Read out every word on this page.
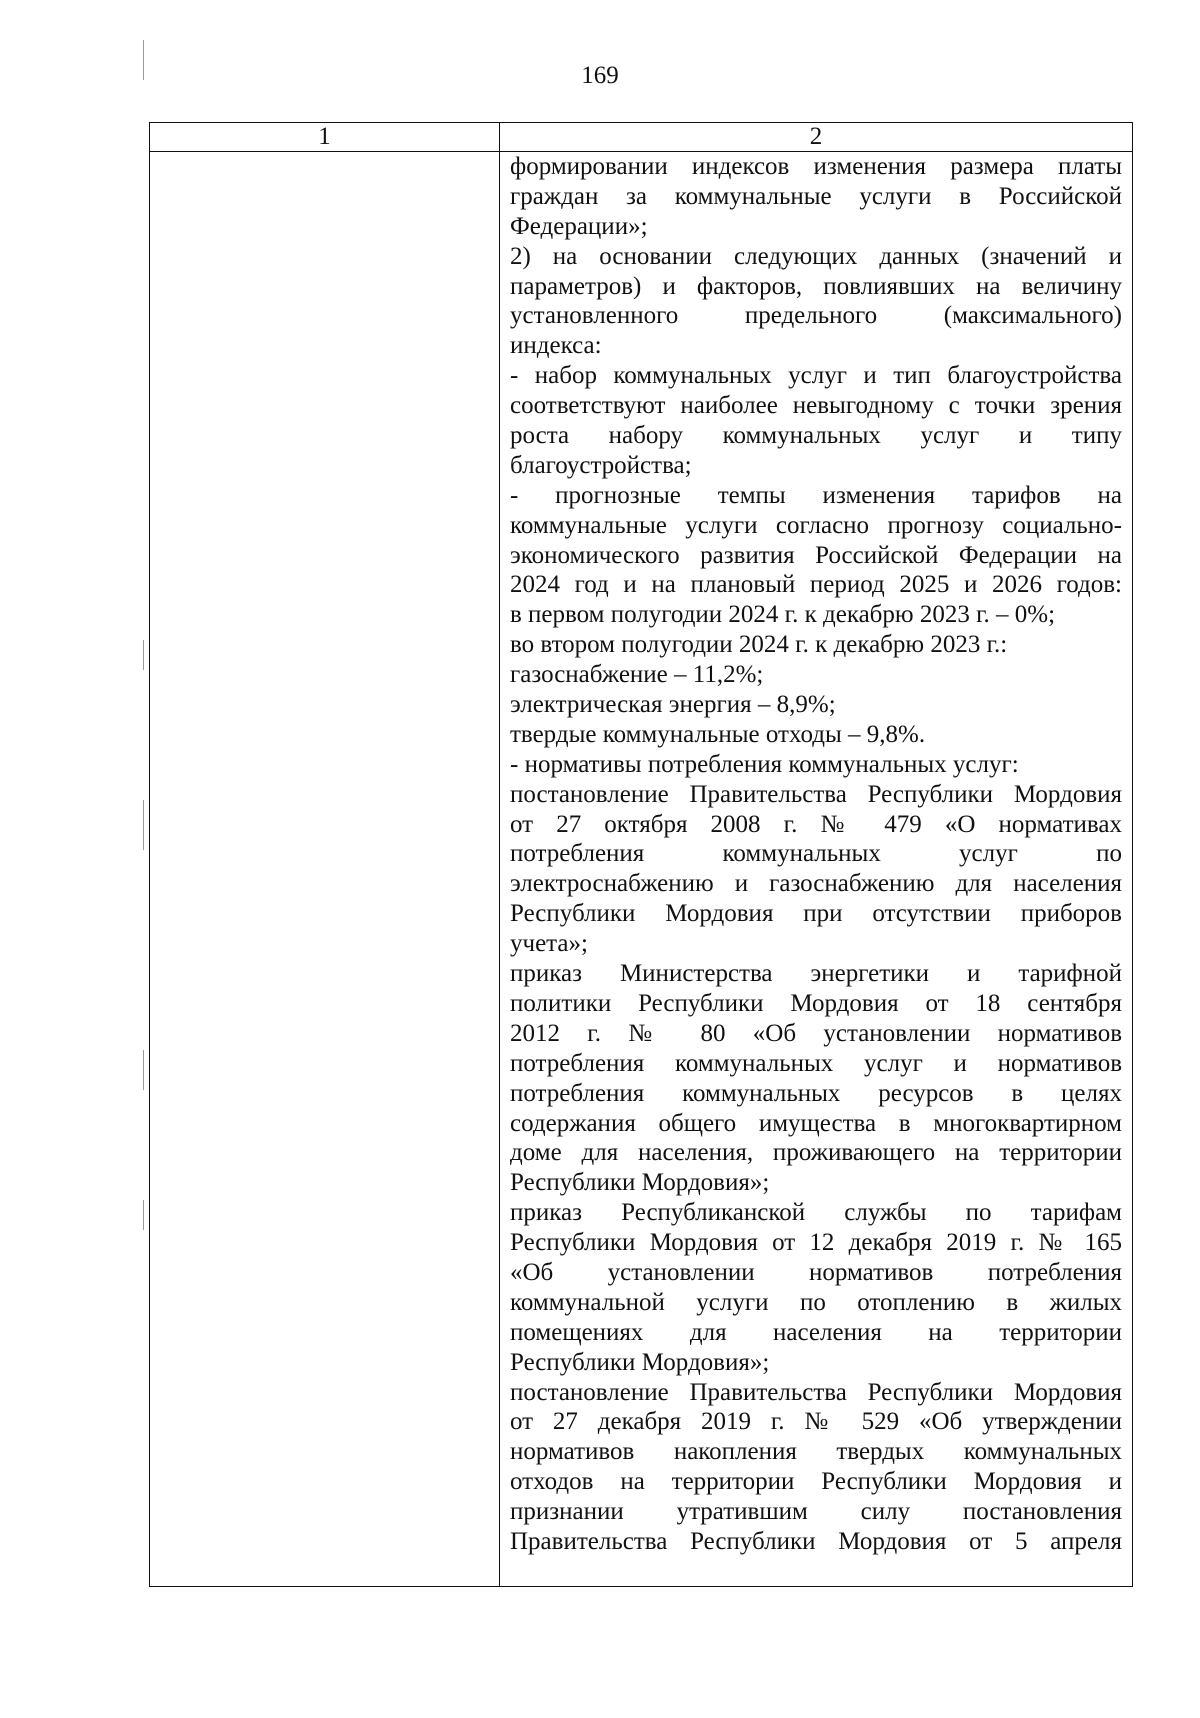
169
1	2
формировании индексов изменения размера платы
граждан за коммунальные услуги в Российской
Федерации»;
2) на основании следующих данных (значений и
параметров) и факторов, повлиявших на величину
установленного предельного (максимального)
индекса:
- набор коммунальных услуг и тип благоустройства
соответствуют наиболее невыгодному с точки зрения
роста набору коммунальных услуг и типу
благоустройства;
- прогнозные темпы изменения тарифов на
коммунальные услуги согласно прогнозу социально-
экономического развития Российской Федерации на
2024 год и на плановый период 2025 и 2026 годов:
в первом полугодии 2024 г. к декабрю 2023 г. – 0%;
во втором полугодии 2024 г. к декабрю 2023 г.:
газоснабжение – 11,2%;
электрическая энергия – 8,9%;
твердые коммунальные отходы – 9,8%.
- нормативы потребления коммунальных услуг:
постановление Правительства Республики Мордовия
от 27 октября 2008 г. № 479 «О нормативах
потребления коммунальных услуг по
электроснабжению и газоснабжению для населения
Республики Мордовия при отсутствии приборов
учета»;
приказ Министерства энергетики и тарифной
политики Республики Мордовия от 18 сентября
2012 г. № 80 «Об установлении нормативов
потребления коммунальных услуг и нормативов
потребления коммунальных ресурсов в целях
содержания общего имущества в многоквартирном
доме для населения, проживающего на территории
Республики Мордовия»;
приказ Республиканской службы по тарифам
Республики Мордовия от 12 декабря 2019 г. № 165
«Об установлении нормативов потребления
коммунальной услуги по отоплению в жилых
помещениях для населения на территории
Республики Мордовия»;
постановление Правительства Республики Мордовия
от 27 декабря 2019 г. № 529 «Об утверждении
нормативов накопления твердых коммунальных
отходов на территории Республики Мордовия и
признании утратившим силу постановления
Правительства Республики Мордовия от 5 апреля
